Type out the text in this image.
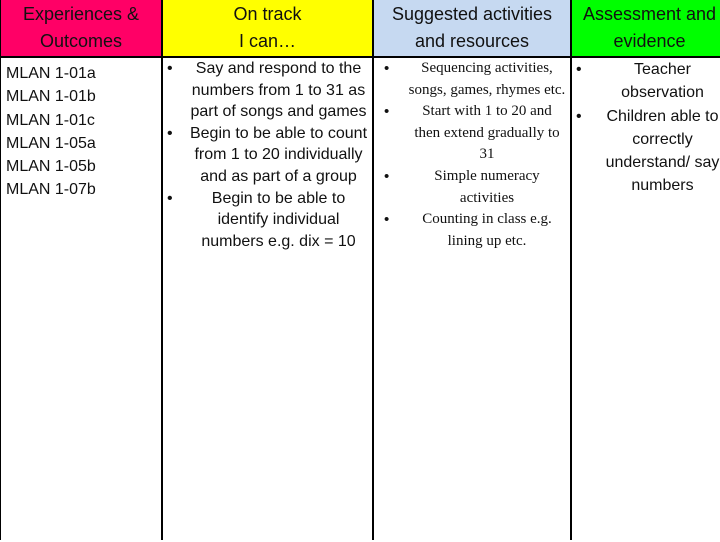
Experiences &
Outcomes
On track
I can…
Suggested activities
and resources
Assessment and
evidence
MLAN 1-01a
MLAN 1-01b
MLAN 1-01c
MLAN 1-05a
MLAN 1-05b
MLAN 1-07b
• Say and respond to the numbers from 1 to 31 as part of songs and games
• Begin to be able to count from 1 to 20 individually and as part of a group
• Begin to be able to identify individual numbers e.g. dix = 10
• Sequencing activities, songs, games, rhymes etc.
• Start with 1 to 20 and then extend gradually to 31
•	Simple numeracy activities
• Counting in class e.g. lining up etc.
•	Teacher observation
• Children able to correctly understand/ say numbers
